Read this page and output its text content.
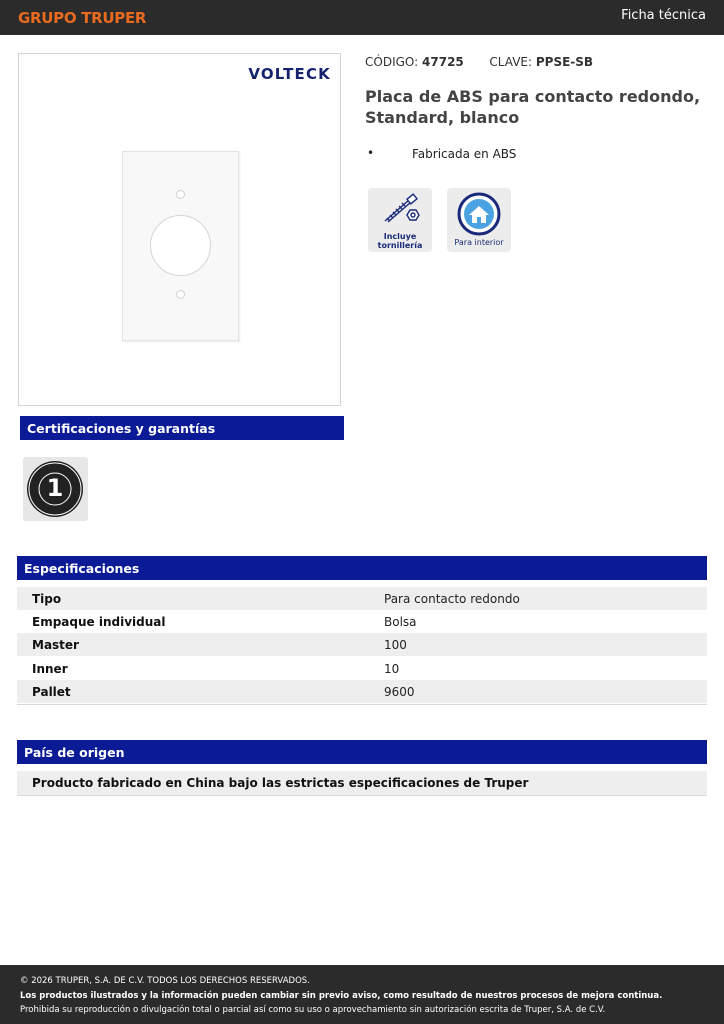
GRUPO TRUPER	Ficha técnica
VOLTECK
CÓDIGO: 47725 CLAVE: PPSE-SB
Placa de ABS para contacto redondo, Standard, blanco
•	Fabricada en ABS
Incluye
tornillería	Para interior
Certificaciones y garantías
1
Especificaciones
Tipo	Para contacto redondo
Empaque individual	Bolsa
Master	100
Inner	10
Pallet	9600
País de origen
Producto fabricado en China bajo las estrictas especificaciones de Truper

© 2026 TRUPER, S.A. DE C.V. TODOS LOS DERECHOS RESERVADOS.

Los productos ilustrados y la información pueden cambiar sin previo aviso, como resultado de nuestros procesos de mejora continua.

Prohibida su reproducción o divulgación total o parcial así como su uso o aprovechamiento sin autorización escrita de Truper, S.A. de C.V.
